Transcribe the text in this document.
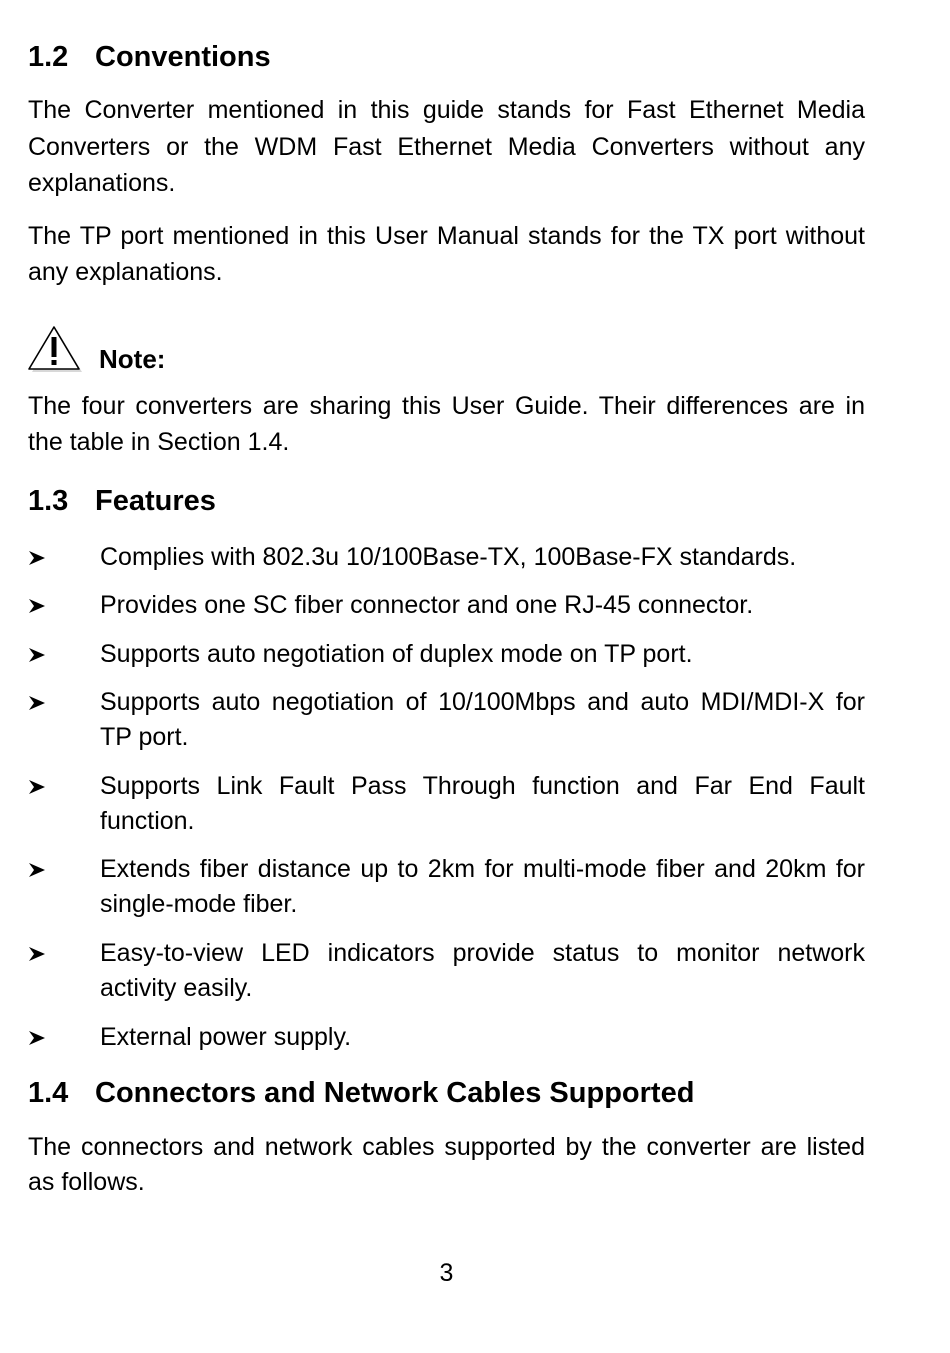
1.2 Conventions

The Converter mentioned in this guide stands for Fast Ethernet Media Converters or the WDM Fast Ethernet Media Converters without any explanations.

The TP port mentioned in this User Manual stands for the TX port without any explanations.

Note:

The four converters are sharing this User Guide. Their differences are in the table in Section 1.4.

1.3 Features
Complies with 802.3u 10/100Base-TX, 100Base-FX standards.
Provides one SC fiber connector and one RJ-45 connector.
Supports auto negotiation of duplex mode on TP port.
Supports auto negotiation of 10/100Mbps and auto MDI/MDI-X for TP port.
Supports Link Fault Pass Through function and Far End Fault function.
Extends fiber distance up to 2km for multi-mode fiber and 20km for single-mode fiber.
Easy-to-view LED indicators provide status to monitor network activity easily.
External power supply.
1.4 Connectors and Network Cables Supported

The connectors and network cables supported by the converter are listed as follows.

3
